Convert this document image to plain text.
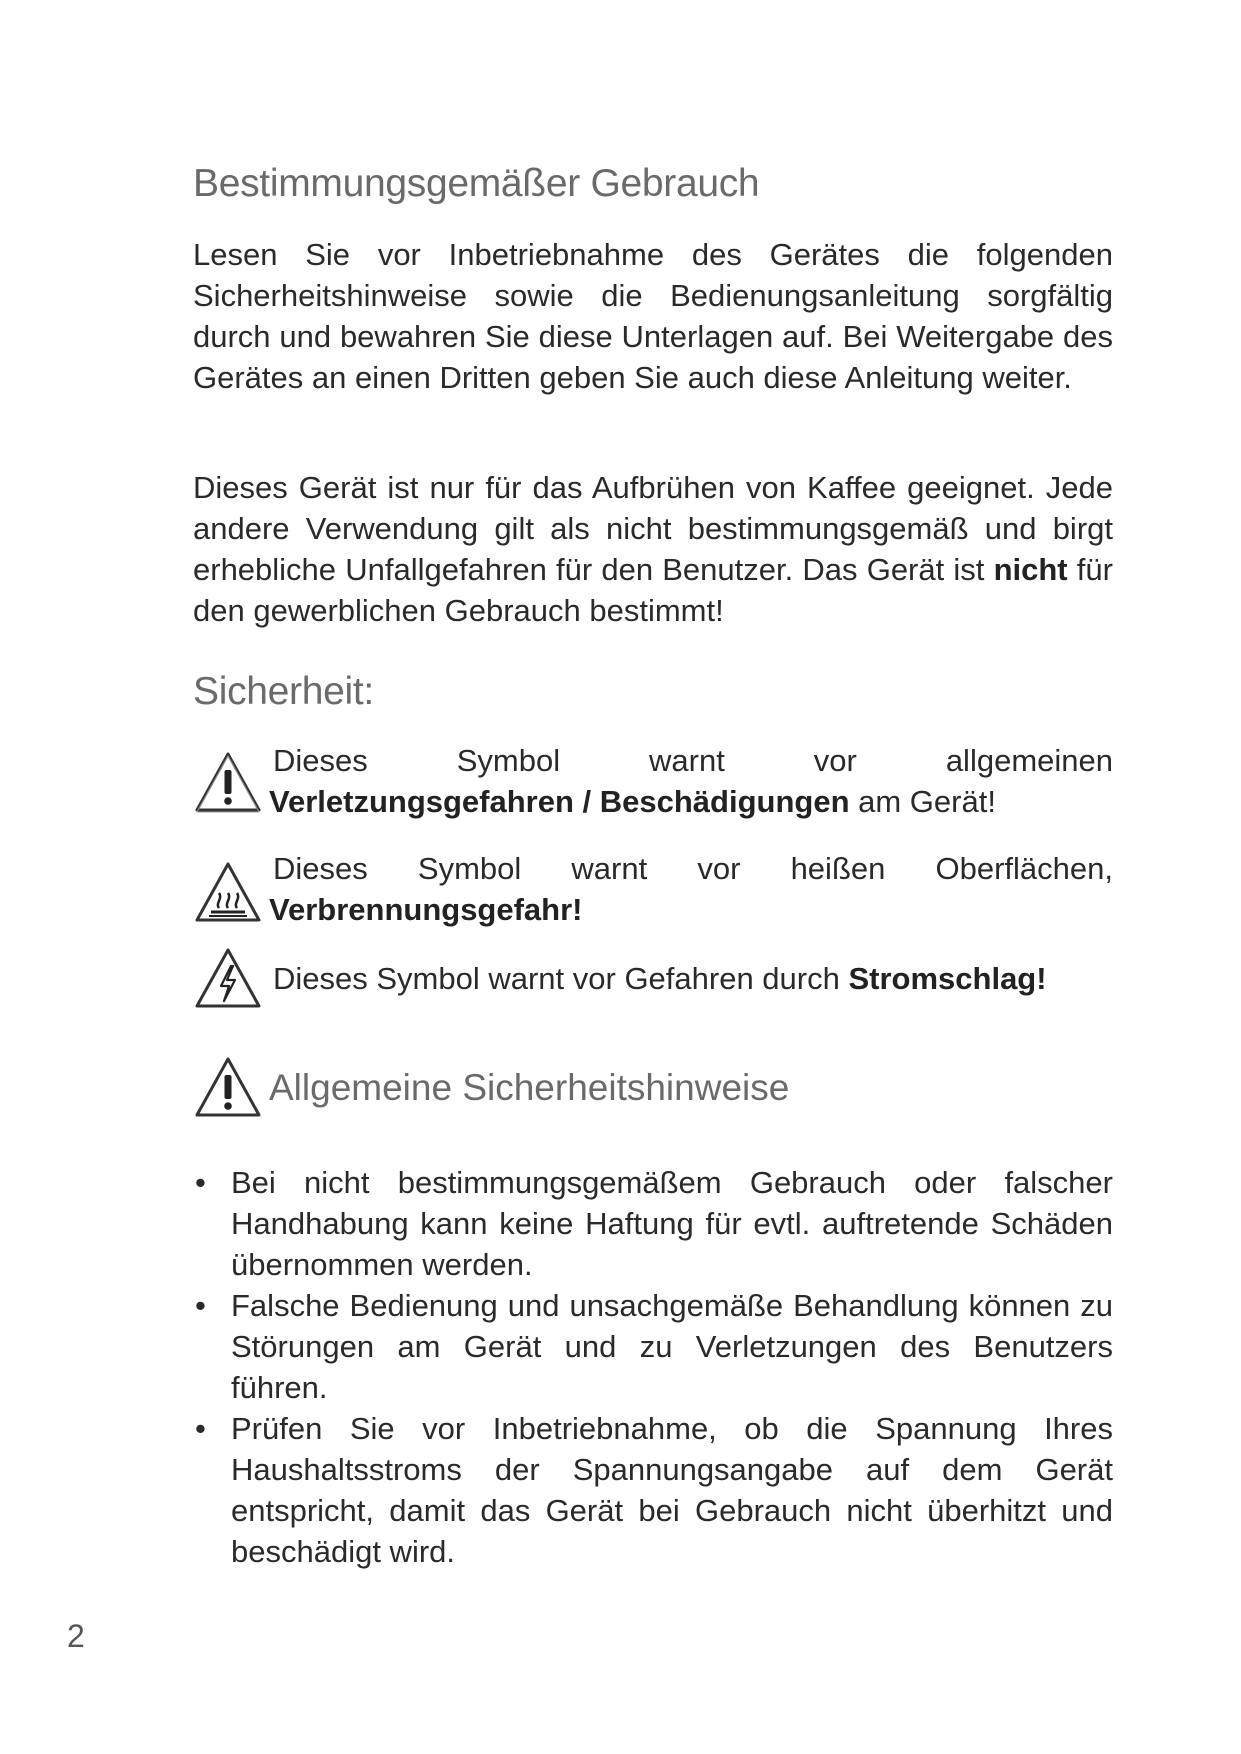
Bestimmungsgemäßer Gebrauch

Lesen Sie vor Inbetriebnahme des Gerätes die folgenden Sicherheitshinweise sowie die Bedienungsanleitung sorgfältig durch und bewahren Sie diese Unterlagen auf. Bei Weitergabe des Gerätes an einen Dritten geben Sie auch diese Anleitung weiter.

Dieses Gerät ist nur für das Aufbrühen von Kaffee geeignet. Jede andere Verwendung gilt als nicht bestimmungsgemäß und birgt erhebliche Unfallgefahren für den Benutzer. Das Gerät ist nicht für den gewerblichen Gebrauch bestimmt!

Sicherheit:
Dieses Symbol warnt vor allgemeinen
Verletzungsgefahren / Beschädigungen am Gerät!
Dieses Symbol warnt vor heißen Oberflächen,
Verbrennungsgefahr!
Dieses Symbol warnt vor Gefahren durch Stromschlag!
Allgemeine Sicherheitshinweise
• Bei nicht bestimmungsgemäßem Gebrauch oder falscher Handhabung kann keine Haftung für evtl. auftretende Schäden übernommen werden.
• Falsche Bedienung und unsachgemäße Behandlung können zu Störungen am Gerät und zu Verletzungen des Benutzers führen.
• Prüfen Sie vor Inbetriebnahme, ob die Spannung Ihres Haushaltsstroms der Spannungsangabe auf dem Gerät entspricht, damit das Gerät bei Gebrauch nicht überhitzt und beschädigt wird.
2
